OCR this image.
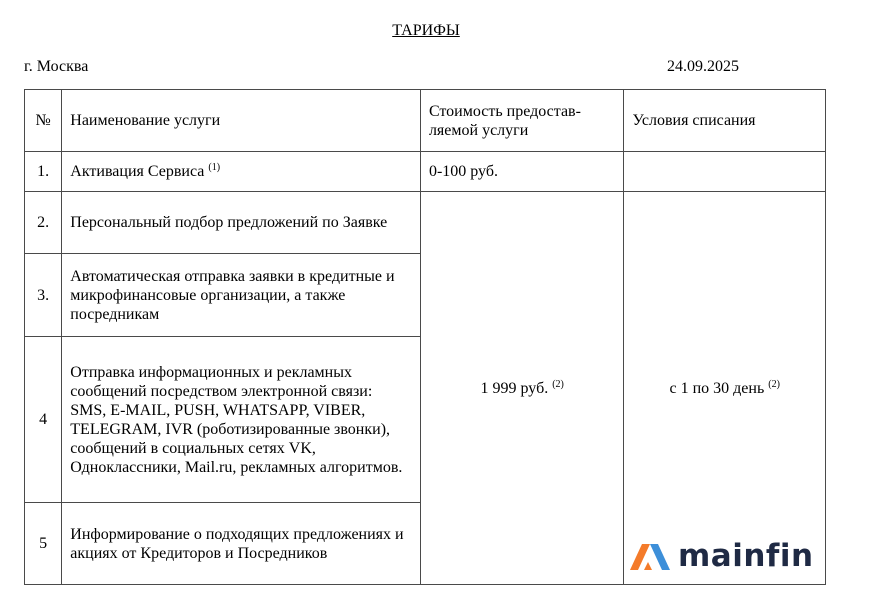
ТАРИФЫ
г. Москва	24.09.2025
№	Наименование услуги	Стоимость предостав-ляемой услуги	Условия списания
1.	Активация Сервиса $^{(1)}$	0-100 руб.	
2.	Персональный подбор предложений по Заявке	1 999 руб. $^{(2)}$	с 1 по 30 день $^{(2)}$
3.	Автоматическая отправка заявки в кредитные и микрофинансовые организации, а также посредникам		
4	Отправка информационных и рекламных сообщений посредством электронной связи: SMS, E-MAIL, PUSH, WHATSAPP, VIBER, TELEGRAM, IVR (роботизированные звонки), сообщений в социальных сетях VK, Одноклассники, Mail.ru, рекламных алгоритмов.		
5	Информирование о подходящих предложениях и акциях от Кредиторов и Посредников			mainfin
